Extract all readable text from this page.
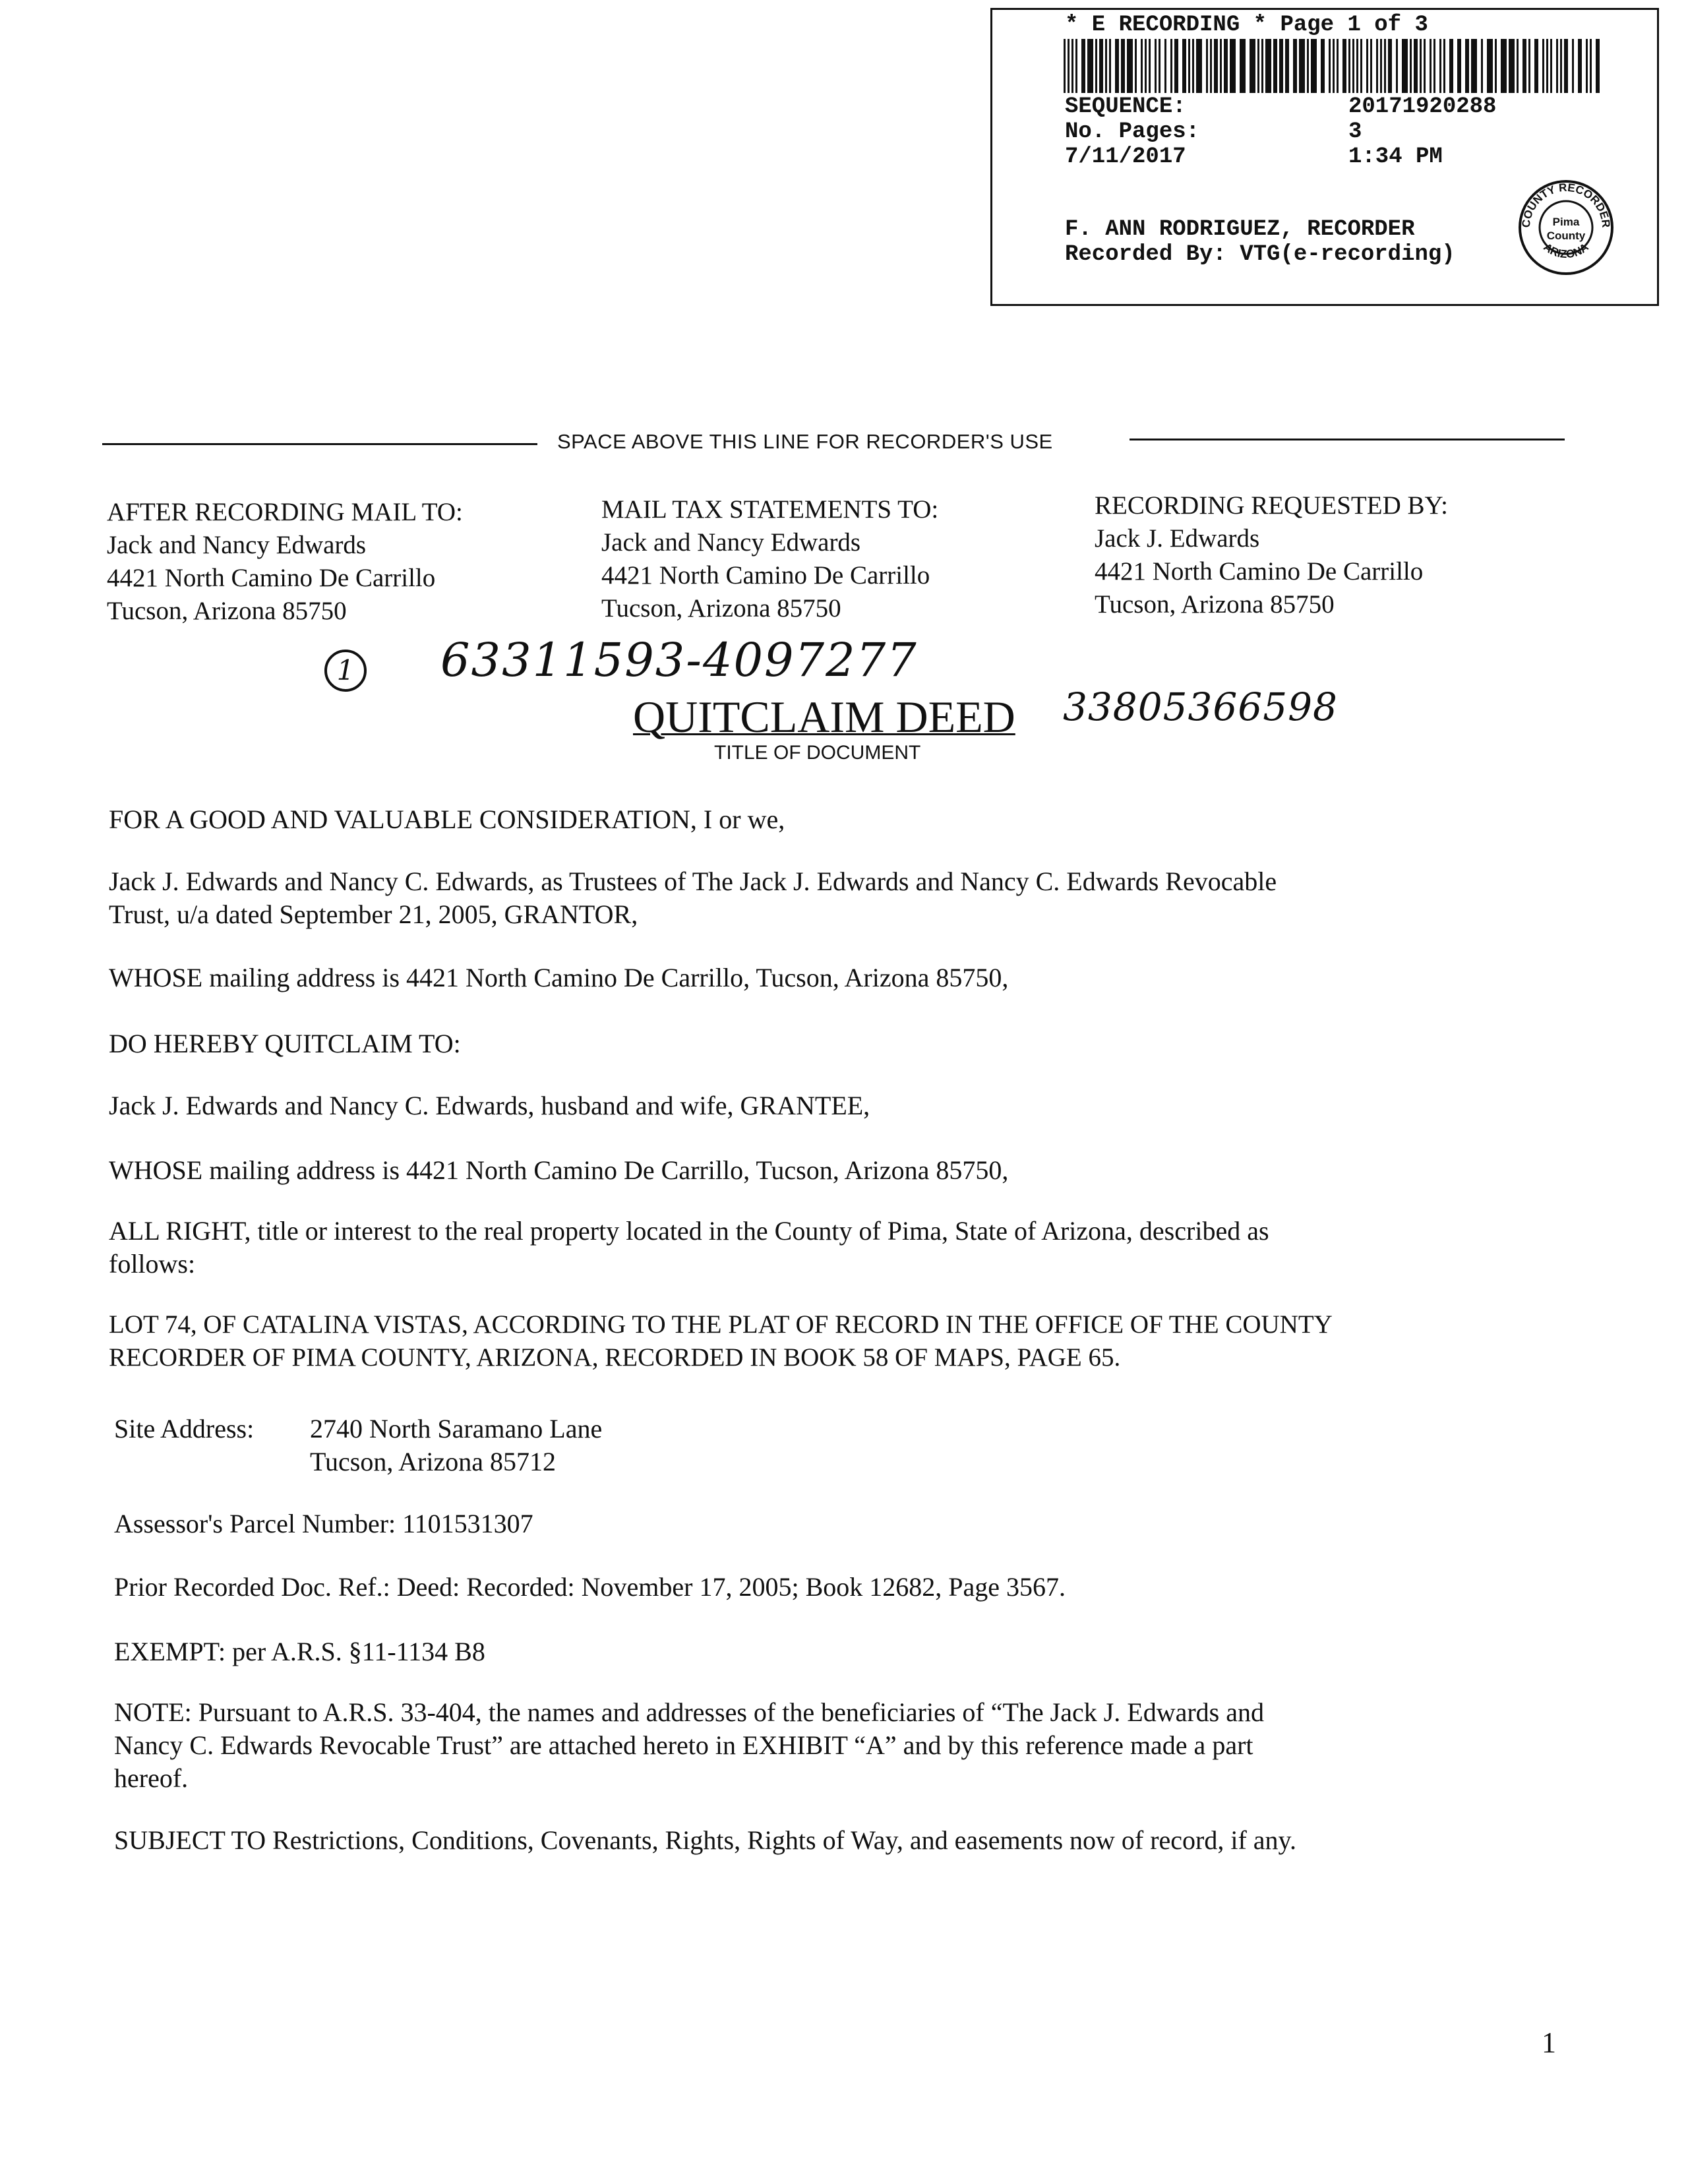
* E RECORDING * Page 1 of 3
SEQUENCE:	20171920288
No. Pages:	3
7/11/2017	1:34 PM
F. ANN RODRIGUEZ, RECORDER
Recorded By: VTG(e-recording)
COUNTY RECORDER
ARIZONA
Pima
County
SPACE ABOVE THIS LINE FOR RECORDER'S USE
AFTER RECORDING MAIL TO:
Jack and Nancy Edwards
4421 North Camino De Carrillo
Tucson, Arizona 85750
MAIL TAX STATEMENTS TO:
Jack and Nancy Edwards
4421 North Camino De Carrillo
Tucson, Arizona 85750
RECORDING REQUESTED BY:
Jack J. Edwards
4421 North Camino De Carrillo
Tucson, Arizona 85750
1 63311593-4097277
33805366598
QUITCLAIM DEED
TITLE OF DOCUMENT
FOR A GOOD AND VALUABLE CONSIDERATION, I or we,
Jack J. Edwards and Nancy C. Edwards, as Trustees of The Jack J. Edwards and Nancy C. Edwards Revocable
Trust, u/a dated September 21, 2005, GRANTOR,
WHOSE mailing address is 4421 North Camino De Carrillo, Tucson, Arizona 85750,
DO HEREBY QUITCLAIM TO:
Jack J. Edwards and Nancy C. Edwards, husband and wife, GRANTEE,
WHOSE mailing address is 4421 North Camino De Carrillo, Tucson, Arizona 85750,
ALL RIGHT, title or interest to the real property located in the County of Pima, State of Arizona, described as
follows:
LOT 74, OF CATALINA VISTAS, ACCORDING TO THE PLAT OF RECORD IN THE OFFICE OF THE COUNTY
RECORDER OF PIMA COUNTY, ARIZONA, RECORDED IN BOOK 58 OF MAPS, PAGE 65.
Site Address: 2740 North Saramano Lane
Tucson, Arizona 85712
Assessor's Parcel Number: 1101531307
Prior Recorded Doc. Ref.: Deed: Recorded: November 17, 2005; Book 12682, Page 3567.
EXEMPT: per A.R.S. §11-1134 B8
NOTE: Pursuant to A.R.S. 33-404, the names and addresses of the beneficiaries of “The Jack J. Edwards and
Nancy C. Edwards Revocable Trust” are attached hereto in EXHIBIT “A” and by this reference made a part
hereof.
SUBJECT TO Restrictions, Conditions, Covenants, Rights, Rights of Way, and easements now of record, if any.
1
